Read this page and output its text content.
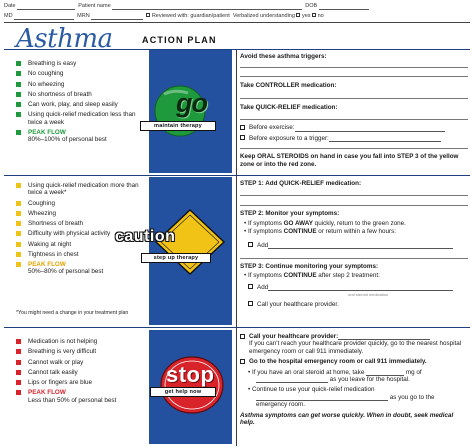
Date	Patient name	DOB
MD	MRN	Reviewed with: guardian/patient Verbalized understanding yes no
Asthma	ACTION PLAN
Breathing is easy
No coughing
No wheezing
No shortness of breath
Can work, play, and sleep easily
Using quick-relief medication less than twice a week
PEAK FLOW
80%–100% of personal best
go
maintain therapy
Avoid these asthma triggers:
Take CONTROLLER medication:
Take QUICK-RELIEF medication:
Before exercise:
Before exposure to a trigger:
Keep ORAL STEROIDS on hand in case you fall into STEP 3 of the yellow zone or into the red zone.
Using quick-relief medication more than twice a week*
Coughing
Wheezing
Shortness of breath
Difficulty with physical activity
Waking at night
Tightness in chest
PEAK FLOW
50%–80% of personal best
*You might need a change in your treatment plan
caution
step up therapy
STEP 1: Add QUICK-RELIEF medication:
STEP 2: Monitor your symptoms:
• If symptoms GO AWAY quickly, return to the green zone.
• If symptoms CONTINUE or return within a few hours:
Add
STEP 3: Continue monitoring your symptoms:
• If symptoms CONTINUE after step 2 treatment:
Add
oral steroid medication
Call your healthcare provider.
Medication is not helping
Breathing is very difficult
Cannot walk or play
Cannot talk easily
Lips or fingers are blue
PEAK FLOW
Less than 50% of personal best
stop
get help now
Call your healthcare provider:
If you can't reach your healthcare provider quickly, go to the nearest hospital emergency room or call 911 immediately.
Go to the hospital emergency room or call 911 immediately.
• If you have an oral steroid at home, take	mg of
as you leave for the hospital.
• Continue to use your quick-relief medication
as you go to the
emergency room.
Asthma symptoms can get worse quickly. When in doubt, seek medical help.
